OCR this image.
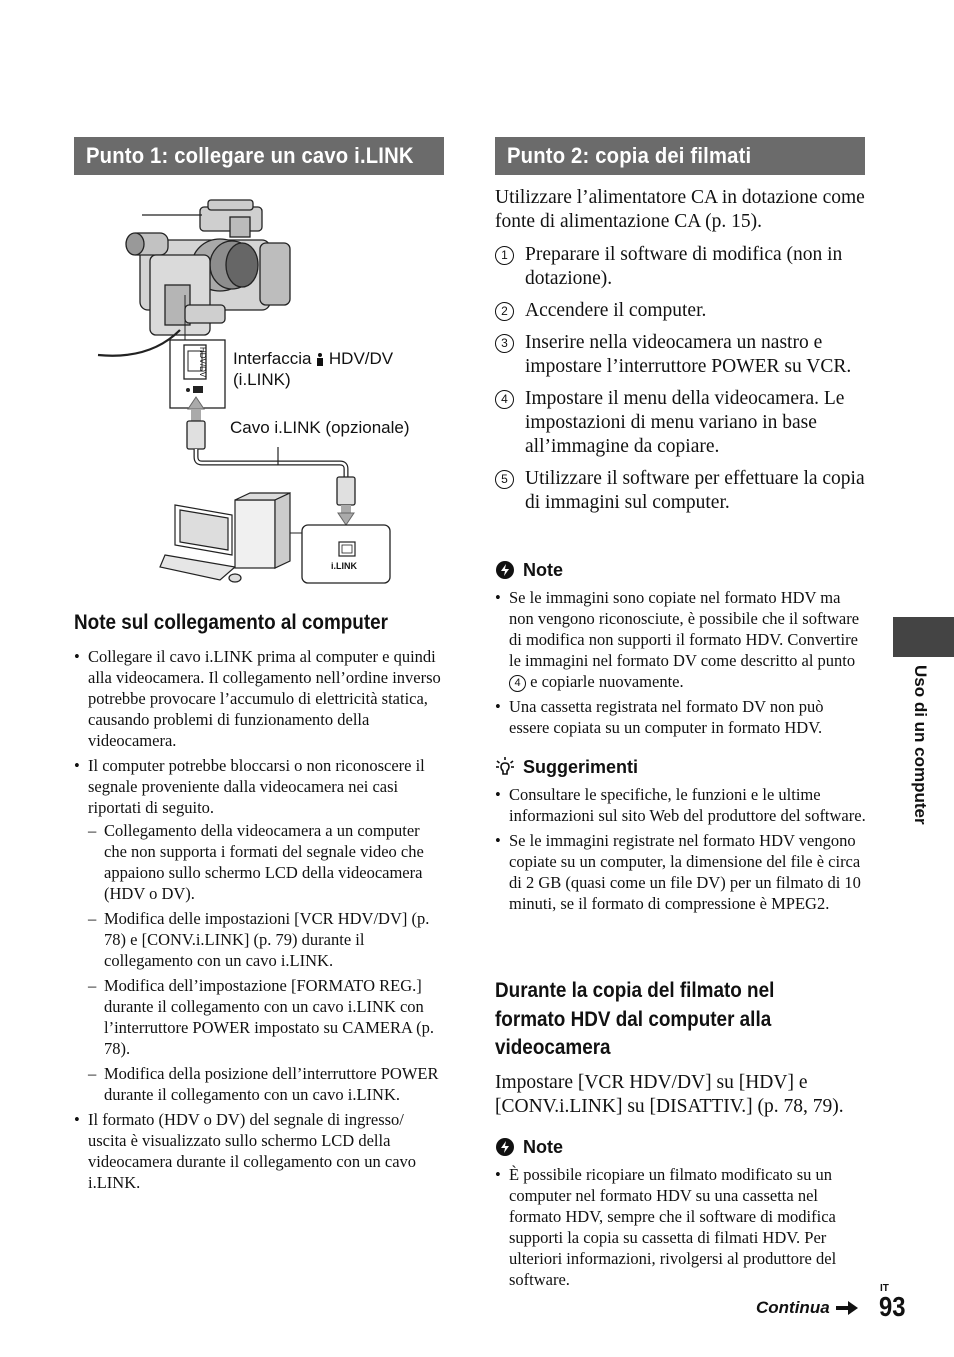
Punto 1: collegare un cavo i.LINK
HDV/DV
i.LINK
Interfaccia  HDV/DV
(i.LINK)
Cavo i.LINK (opzionale)
Note sul collegamento al computer
• Collegare il cavo i.LINK prima al computer e quindi alla videocamera. Il collegamento nell’ordine inverso potrebbe provocare l’accumulo di elettricità statica, causando problemi di funzionamento della videocamera.
• Il computer potrebbe bloccarsi o non riconoscere il segnale proveniente dalla videocamera nei casi riportati di seguito.
– Collegamento della videocamera a un computer che non supporta i formati del segnale video che appaiono sullo schermo LCD della videocamera (HDV o DV).
– Modifica delle impostazioni [VCR HDV/DV] (p. 78) e [CONV.i.LINK] (p. 79) durante il collegamento con un cavo i.LINK.
– Modifica dell’impostazione [FORMATO REG.] durante il collegamento con un cavo i.LINK con l’interruttore POWER impostato su CAMERA (p. 78).
– Modifica della posizione dell’interruttore POWER durante il collegamento con un cavo i.LINK.
• Il formato (HDV o DV) del segnale di ingresso/ uscita è visualizzato sullo schermo LCD della videocamera durante il collegamento con un cavo i.LINK.
Punto 2: copia dei filmati
Utilizzare l’alimentatore CA in dotazione come fonte di alimentazione CA (p. 15).
1 Preparare il software di modifica (non in dotazione).
2 Accendere il computer.
3 Inserire nella videocamera un nastro e impostare l’interruttore POWER su VCR.
4 Impostare il menu della videocamera. Le impostazioni di menu variano in base all’immagine da copiare.
5 Utilizzare il software per effettuare la copia di immagini sul computer.
Note
• Se le immagini sono copiate nel formato HDV ma non vengono riconosciute, è possibile che il software di modifica non supporti il formato HDV. Convertire le immagini nel formato DV come descritto al punto 4 e copiarle nuovamente.
• Una cassetta registrata nel formato DV non può essere copiata su un computer in formato HDV.
Suggerimenti
• Consultare le specifiche, le funzioni e le ultime informazioni sul sito Web del produttore del software.
• Se le immagini registrate nel formato HDV vengono copiate su un computer, la dimensione del file è circa di 2 GB (quasi come un file DV) per un filmato di 10 minuti, se il formato di compressione è MPEG2.
Durante la copia del filmato nel
formato HDV dal computer alla
videocamera
Impostare [VCR HDV/DV] su [HDV] e [CONV.i.LINK] su [DISATTIV.] (p. 78, 79).
Note
• È possibile ricopiare un filmato modificato su un computer nel formato HDV su una cassetta nel formato HDV, sempre che il software di modifica supporti la copia su cassetta di filmati HDV. Per ulteriori informazioni, rivolgersi al produttore del software.
Uso di un computer
Continua
IT
93
